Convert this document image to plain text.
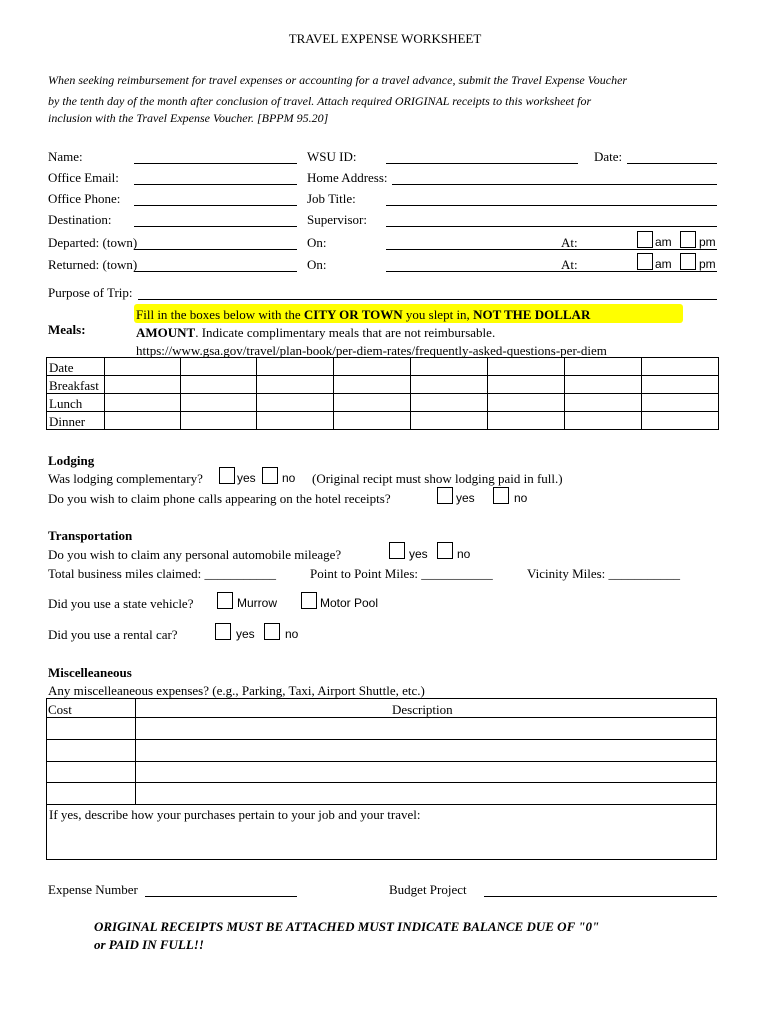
TRAVEL EXPENSE WORKSHEET
When seeking reimbursement for travel expenses or accounting for a travel advance, submit the Travel Expense Voucher
by the tenth day of the month after conclusion of travel. Attach required ORIGINAL receipts to this worksheet for
inclusion with the Travel Expense Voucher. [BPPM 95.20]
Name:	WSU ID:	Date:
Office Email:	Home Address:
Office Phone:	Job Title:
Destination:	Supervisor:
Departed: (town)	On:	At:	am pm
Returned: (town)	On:	At:	am pm
Purpose of Trip:
Meals:
Fill in the boxes below with the CITY OR TOWN you slept in, NOT THE DOLLAR
AMOUNT. Indicate complimentary meals that are not reimbursable.
https://www.gsa.gov/travel/plan-book/per-diem-rates/frequently-asked-questions-per-diem
Date								
Breakfast								
Lunch								
Dinner								
Lodging
Was lodging complementary?	yes no (Original recipt must show lodging paid in full.)
Do you wish to claim phone calls appearing on the hotel receipts?	yes	no
Transportation
Do you wish to claim any personal automobile mileage?	yes no
Total business miles claimed: ___________	Point to Point Miles: ___________	Vicinity Miles: ___________
Did you use a state vehicle?	Murrow	Motor Pool
Did you use a rental car?	yes	no
Miscelleaneous
Any miscelleaneous expenses? (e.g., Parking, Taxi, Airport Shuttle, etc.)
Cost	Description
If yes, describe how your purchases pertain to your job and your travel:
Expense Number	Budget Project
ORIGINAL RECEIPTS MUST BE ATTACHED MUST INDICATE BALANCE DUE OF "0"
or PAID IN FULL!!
